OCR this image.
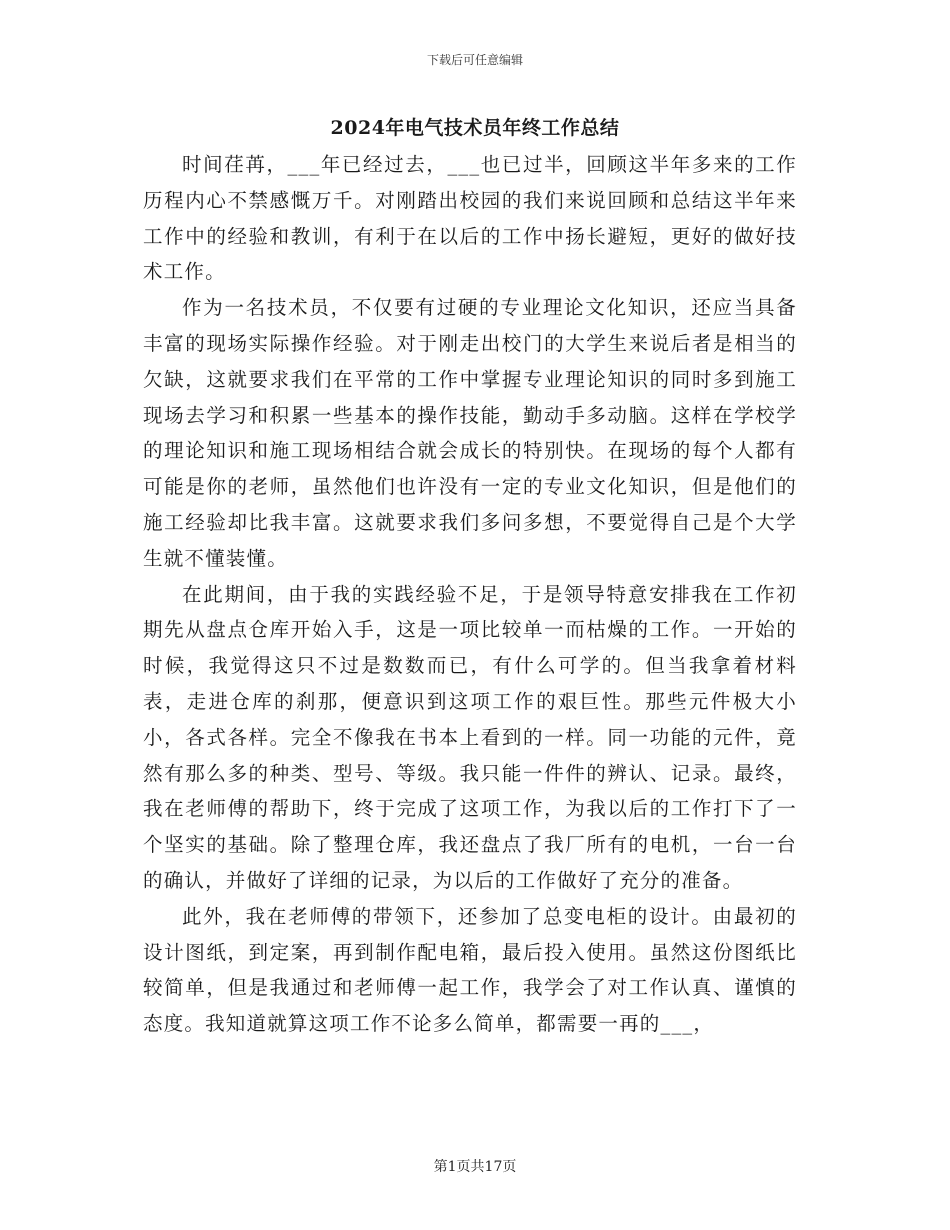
下载后可任意编辑
2024年电气技术员年终工作总结

时间荏苒，___年已经过去，___也已过半，回顾这半年多来的工作历程内心不禁感慨万千。对刚踏出校园的我们来说回顾和总结这半年来工作中的经验和教训，有利于在以后的工作中扬长避短，更好的做好技术工作。

作为一名技术员，不仅要有过硬的专业理论文化知识，还应当具备丰富的现场实际操作经验。对于刚走出校门的大学生来说后者是相当的欠缺，这就要求我们在平常的工作中掌握专业理论知识的同时多到施工现场去学习和积累一些基本的操作技能，勤动手多动脑。这样在学校学的理论知识和施工现场相结合就会成长的特别快。在现场的每个人都有可能是你的老师，虽然他们也许没有一定的专业文化知识，但是他们的施工经验却比我丰富。这就要求我们多问多想，不要觉得自己是个大学生就不懂装懂。

在此期间，由于我的实践经验不足，于是领导特意安排我在工作初期先从盘点仓库开始入手，这是一项比较单一而枯燥的工作。一开始的时候，我觉得这只不过是数数而已，有什么可学的。但当我拿着材料表，走进仓库的刹那，便意识到这项工作的艰巨性。那些元件极大小小，各式各样。完全不像我在书本上看到的一样。同一功能的元件，竟然有那么多的种类、型号、等级。我只能一件件的辨认、记录。最终，我在老师傅的帮助下，终于完成了这项工作，为我以后的工作打下了一个坚实的基础。除了整理仓库，我还盘点了我厂所有的电机，一台一台的确认，并做好了详细的记录，为以后的工作做好了充分的准备。

此外，我在老师傅的带领下，还参加了总变电柜的设计。由最初的设计图纸，到定案，再到制作配电箱，最后投入使用。虽然这份图纸比较简单，但是我通过和老师傅一起工作，我学会了对工作认真、谨慎的态度。我知道就算这项工作不论多么简单，都需要一再的___，

第1页共17页
